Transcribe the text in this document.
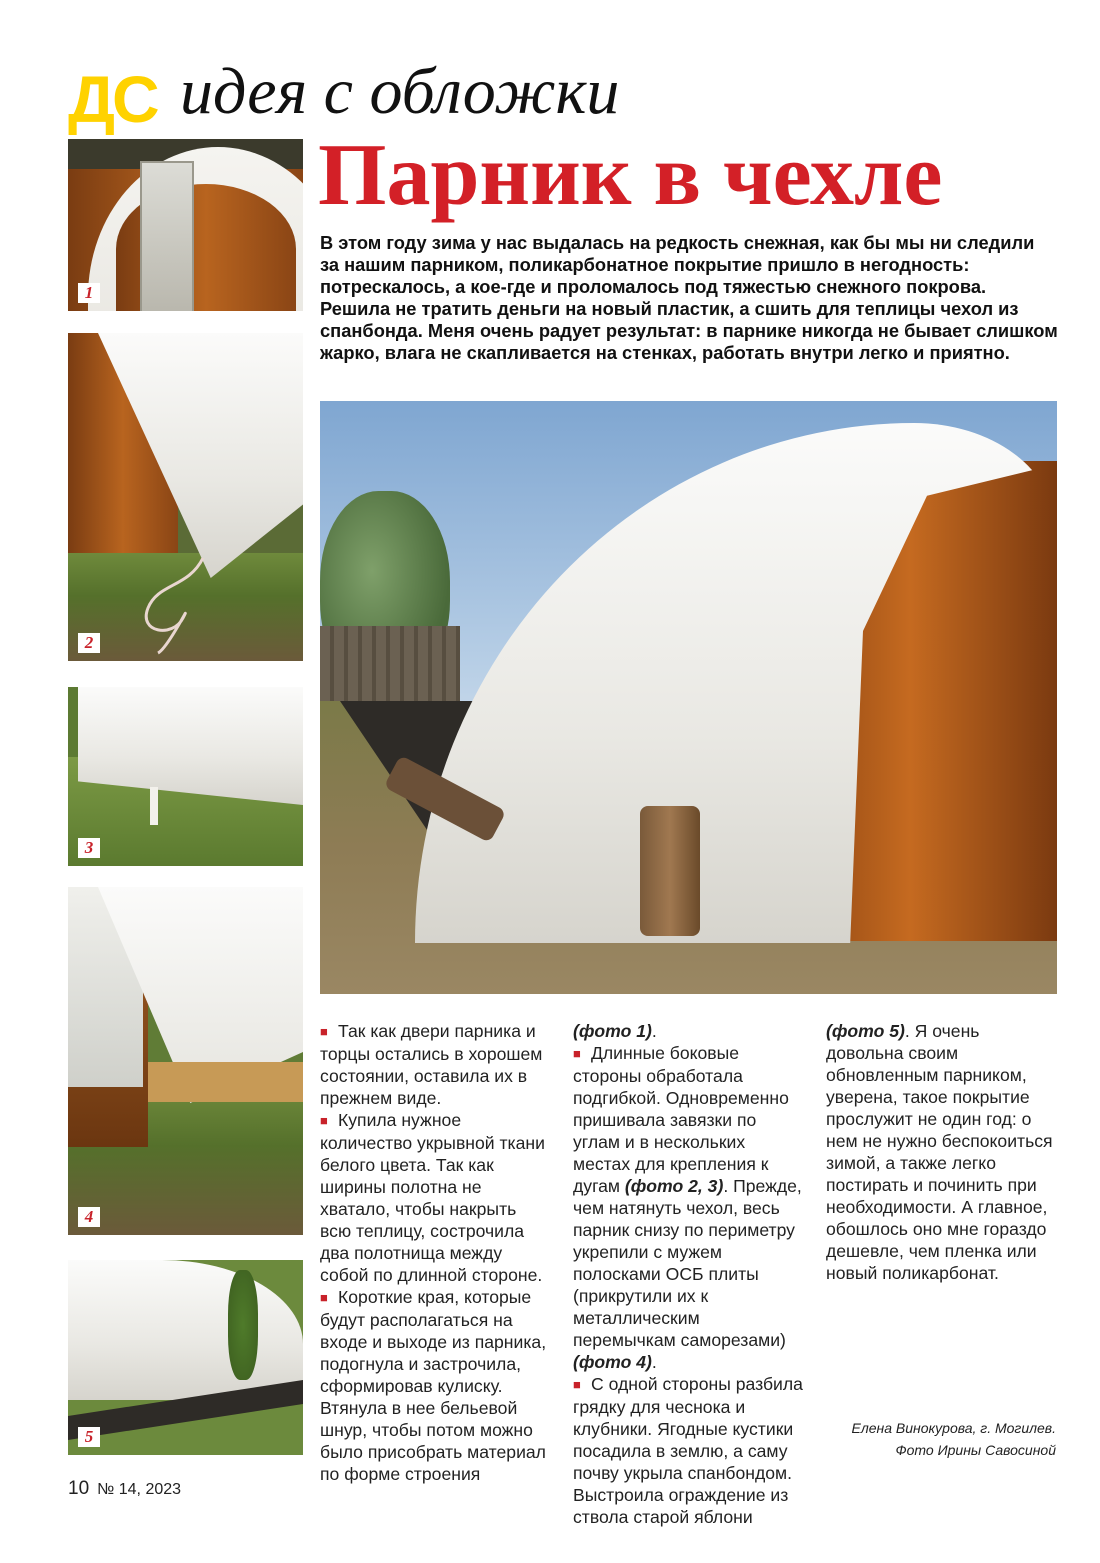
ДС идея с обложки
Парник в чехле
В этом году зима у нас выдалась на редкость снежная, как бы мы ни следили за нашим парником, поликарбонатное покрытие пришло в негодность: потрескалось, а кое-где и проломалось под тяжестью снежного покрова. Решила не тратить деньги на новый пластик, а сшить для теплицы чехол из спанбонда. Меня очень радует результат: в парнике никогда не бывает слишком жарко, влага не скапливается на стенках, работать внутри легко и приятно.
1
2
3
4
5

■ Так как двери парника и торцы остались в хорошем состоянии, оставила их в прежнем виде.

■ Купила нужное количество укрывной ткани белого цвета. Так как ширины полотна не хватало, чтобы накрыть всю теплицу, сострочила два полотнища между собой по длинной стороне.

■ Короткие края, которые будут располагаться на входе и выходе из парника, подогнула и застрочила, сформировав кулиску. Втянула в нее бельевой шнур, чтобы потом можно было присобрать материал по форме строения

(фото 1).

■ Длинные боковые стороны обработала подгибкой. Одновременно пришивала завязки по углам и в нескольких местах для крепления к дугам (фото 2, 3). Прежде, чем натянуть чехол, весь парник снизу по периметру укрепили с мужем полосками ОСБ плиты (прикрутили их к металлическим перемычкам саморезами) (фото 4).

■ С одной стороны разбила грядку для чеснока и клубники. Ягодные кустики посадила в землю, а саму почву укрыла спанбондом. Выстроила ограждение из ствола старой яблони

(фото 5). Я очень довольна своим обновленным парником, уверена, такое покрытие прослужит не один год: о нем не нужно беспокоиться зимой, а также легко постирать и починить при необходимости. А главное, обошлось оно мне гораздо дешевле, чем пленка или новый поликарбонат.

Елена Винокурова, г. Могилев.
Фото Ирины Савосиной
10 № 14, 2023
